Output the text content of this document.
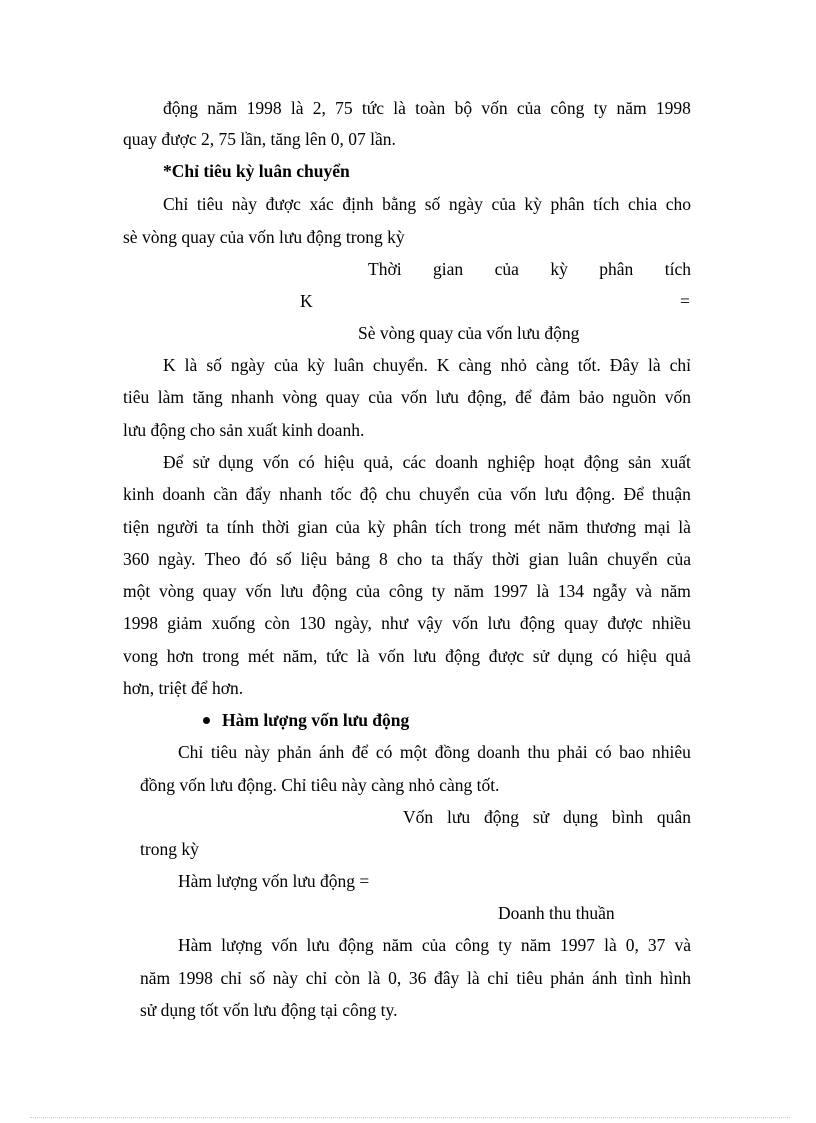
động năm 1998 là 2, 75 tức là toàn bộ vốn của công ty năm 1998
quay được 2, 75 lần, tăng lên 0, 07 lần.
*Chỉ tiêu kỳ luân chuyển
Chỉ tiêu này được xác định bằng số ngày của kỳ phân tích chia cho
sè vòng quay của vốn lưu động trong kỳ
Thời gian của kỳ phân tích
K	=
Sè vòng quay của vốn lưu động
K là số ngày của kỳ luân chuyển. K càng nhỏ càng tốt. Đây là chỉ
tiêu làm tăng nhanh vòng quay của vốn lưu động, để đảm bảo nguồn vốn
lưu động cho sản xuất kinh doanh.
Để sử dụng vốn có hiệu quả, các doanh nghiệp hoạt động sản xuất
kinh doanh cần đẩy nhanh tốc độ chu chuyển của vốn lưu động. Để thuận
tiện người ta tính thời gian của kỳ phân tích trong mét năm thương mại là
360 ngày. Theo đó số liệu bảng 8 cho ta thấy thời gian luân chuyển của
một vòng quay vốn lưu động của công ty năm 1997 là 134 ngẫy và năm
1998 giảm xuống còn 130 ngày, như vậy vốn lưu động quay được nhiều
vong hơn trong mét năm, tức là vốn lưu động được sử dụng có hiệu quả
hơn, triệt để hơn.
Hàm lượng vốn lưu động
Chỉ tiêu này phản ánh để có một đồng doanh thu phải có bao nhiêu
đồng vốn lưu động. Chỉ tiêu này càng nhỏ càng tốt.
Vốn lưu động sử dụng bình quân
trong kỳ
Hàm lượng vốn lưu động =
Doanh thu thuần
Hàm lượng vốn lưu động năm của công ty năm 1997 là 0, 37 và
năm 1998 chỉ số này chỉ còn là 0, 36 đây là chỉ tiêu phản ánh tình hình
sử dụng tốt vốn lưu động tại công ty.
